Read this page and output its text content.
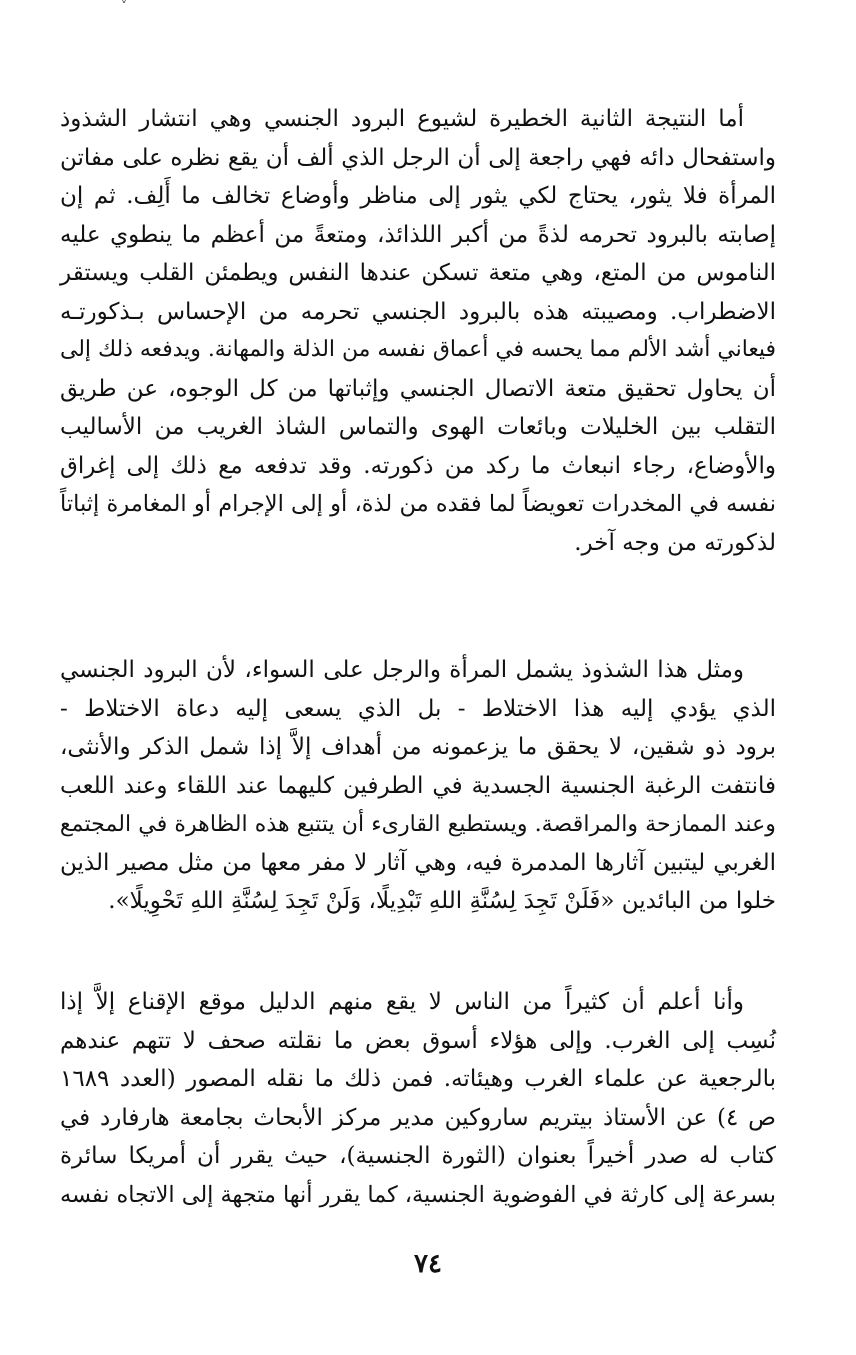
˅
أما النتيجة الثانية الخطيرة لشيوع البرود الجنسي وهي انتشار الشذوذ
واستفحال دائه فهي راجعة إلى أن الرجل الذي ألف أن يقع نظره على مفاتن
المرأة فلا يثور، يحتاج لكي يثور إلى مناظر وأوضاع تخالف ما أَلِف. ثم إن
إصابته بالبرود تحرمه لذةً من أكبر اللذائذ، ومتعةً من أعظم ما ينطوي عليه
الناموس من المتع، وهي متعة تسكن عندها النفس ويطمئن القلب ويستقر
الاضطراب. ومصيبته هذه بالبرود الجنسي تحرمه من الإحساس بـذكورتـه
فيعاني أشد الألم مما يحسه في أعماق نفسه من الذلة والمهانة. ويدفعه ذلك إلى
أن يحاول تحقيق متعة الاتصال الجنسي وإثباتها من كل الوجوه، عن طريق
التقلب بين الخليلات وبائعات الهوى والتماس الشاذ الغريب من الأساليب
والأوضاع، رجاء انبعاث ما ركد من ذكورته. وقد تدفعه مع ذلك إلى إغراق
نفسه في المخدرات تعويضاً لما فقده من لذة، أو إلى الإجرام أو المغامرة إثباتاً
لذكورته من وجه آخر.
ومثل هذا الشذوذ يشمل المرأة والرجل على السواء، لأن البرود الجنسي
الذي يؤدي إليه هذا الاختلاط - بل الذي يسعى إليه دعاة الاختلاط -
برود ذو شقين، لا يحقق ما يزعمونه من أهداف إلاَّ إذا شمل الذكر والأنثى،
فانتفت الرغبة الجنسية الجسدية في الطرفين كليهما عند اللقاء وعند اللعب
وعند الممازحة والمراقصة. ويستطيع القارىء أن يتتبع هذه الظاهرة في المجتمع
الغربي ليتبين آثارها المدمرة فيه، وهي آثار لا مفر معها من مثل مصير الذين
خلوا من البائدين «فَلَنْ تَجِدَ لِسُنَّةِ اللهِ تَبْدِيلًا، وَلَنْ تَجِدَ لِسُنَّةِ اللهِ تَحْوِيلًا».
وأنا أعلم أن كثيراً من الناس لا يقع منهم الدليل موقع الإقناع إلاَّ إذا
نُسِب إلى الغرب. وإلى هؤلاء أسوق بعض ما نقلته صحف لا تتهم عندهم
بالرجعية عن علماء الغرب وهيئاته. فمن ذلك ما نقله المصور (العدد ١٦٨٩
ص ٤) عن الأستاذ بيتريم ساروكين مدير مركز الأبحاث بجامعة هارفارد في
كتاب له صدر أخيراً بعنوان (الثورة الجنسية)، حيث يقرر أن أمريكا سائرة
بسرعة إلى كارثة في الفوضوية الجنسية، كما يقرر أنها متجهة إلى الاتجاه نفسه
٧٤
